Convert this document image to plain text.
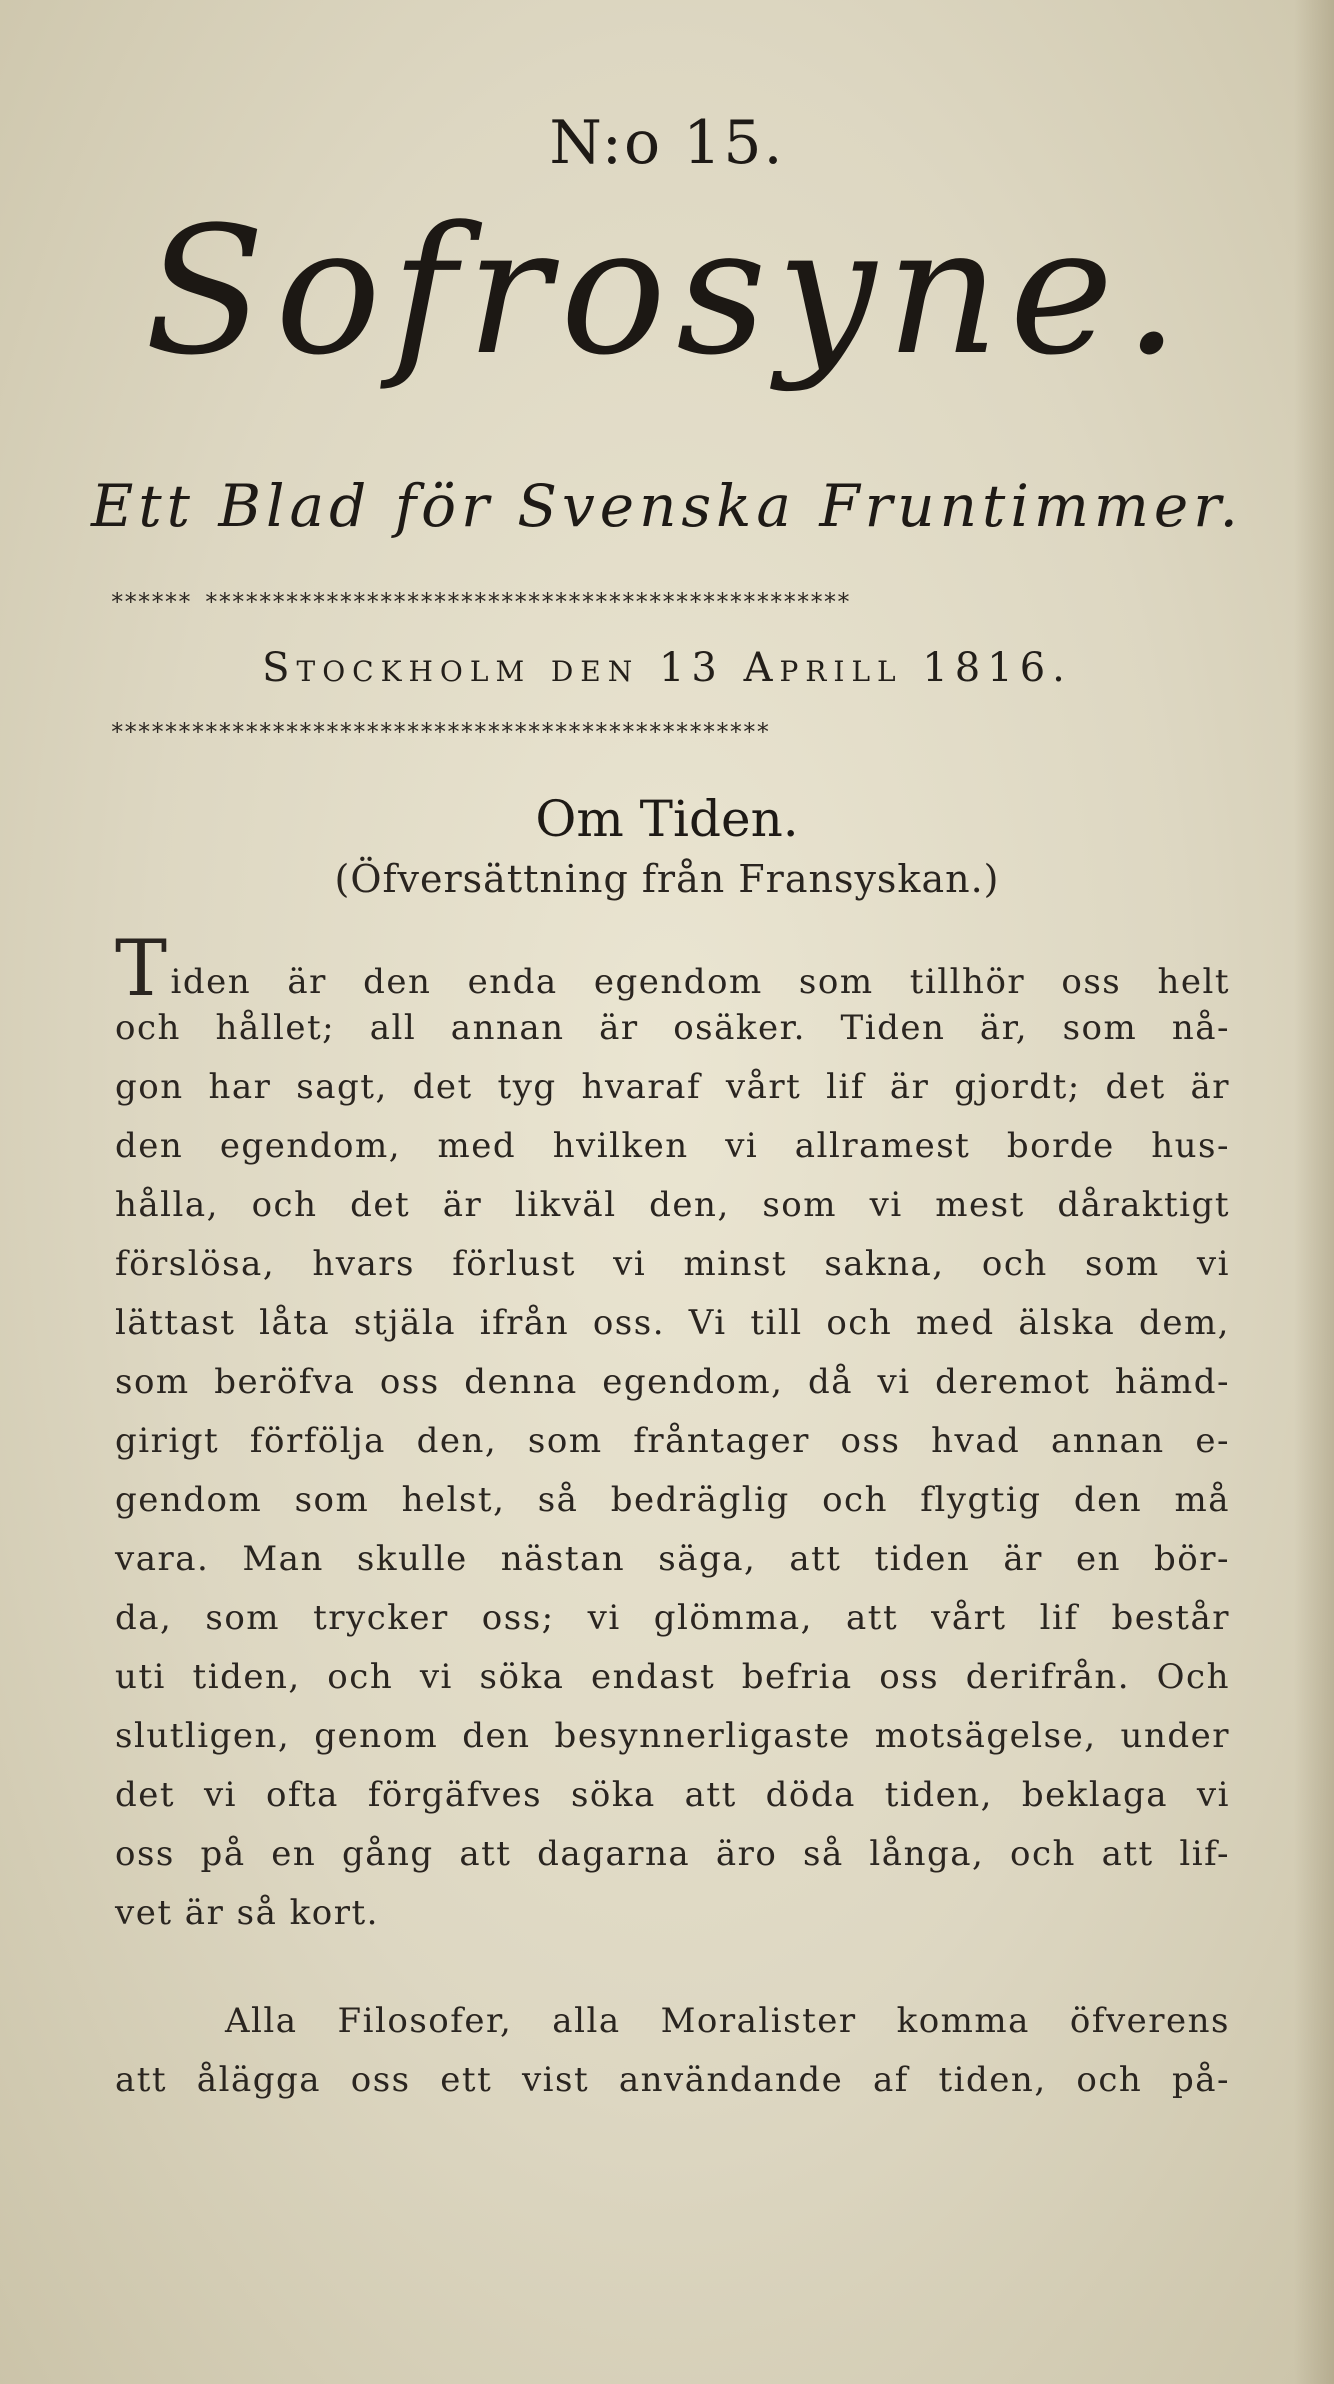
N:o 15.
Sofrosyne.
Ett Blad för Svenska Fruntimmer.
****** ************************************************
Stockholm den 13 Aprill 1816.
*************************************************
Om Tiden.
(Öfversättning från Fransyskan.)
Tiden är den enda egendom som tillhör oss helt
och hållet; all annan är osäker. Tiden är, som nå-
gon har sagt, det tyg hvaraf vårt lif är gjordt; det är
den egendom, med hvilken vi allramest borde hus-
hålla, och det är likväl den, som vi mest dåraktigt
förslösa, hvars förlust vi minst sakna, och som vi
lättast låta stjäla ifrån oss. Vi till och med älska dem,
som beröfva oss denna egendom, då vi deremot hämd-
girigt förfölja den, som fråntager oss hvad annan e-
gendom som helst, så bedräglig och flygtig den må
vara. Man skulle nästan säga, att tiden är en bör-
da, som trycker oss; vi glömma, att vårt lif består
uti tiden, och vi söka endast befria oss derifrån. Och
slutligen, genom den besynnerligaste motsägelse, under
det vi ofta förgäfves söka att döda tiden, beklaga vi
oss på en gång att dagarna äro så långa, och att lif-
vet är så kort.
Alla Filosofer, alla Moralister komma öfverens
att ålägga oss ett vist användande af tiden, och på-
